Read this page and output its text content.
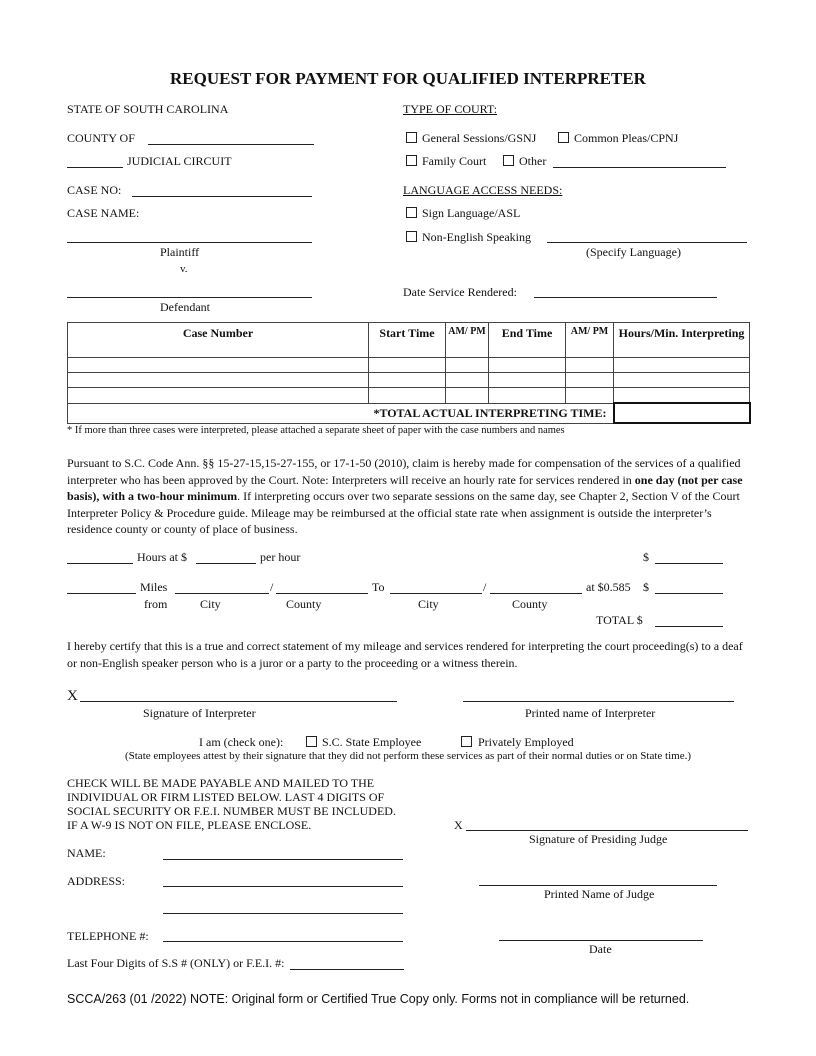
REQUEST FOR PAYMENT FOR QUALIFIED INTERPRETER
STATE OF SOUTH CAROLINA
COUNTY OF
JUDICIAL CIRCUIT
CASE NO:
CASE NAME:
Plaintiff
v.
Defendant
TYPE OF COURT:
General Sessions/GSNJ	Common Pleas/CPNJ
Family Court	Other
LANGUAGE ACCESS NEEDS:
Sign Language/ASL
Non-English Speaking
(Specify Language)
Date Service Rendered:
Case Number	Start Time	AM/ PM	End Time	AM/ PM	Hours/Min. Interpreting

*TOTAL ACTUAL INTERPRETING TIME:					
* If more than three cases were interpreted, please attached a separate sheet of paper with the case numbers and names
Pursuant to S.C. Code Ann. §§ 15-27-15,15-27-155, or 17-1-50 (2010), claim is hereby made for compensation of the services of a qualified interpreter who has been approved by the Court. Note: Interpreters will receive an hourly rate for services rendered in one day (not per case basis), with a two-hour minimum. If interpreting occurs over two separate sessions on the same day, see Chapter 2, Section V of the Court Interpreter Policy & Procedure guide. Mileage may be reimbursed at the official state rate when assignment is outside the interpreter’s residence county or county of place of business.
Hours at $	per hour	$
Miles	/	To	/	at $0.585 $
from	City	County	City	County
TOTAL $
I hereby certify that this is a true and correct statement of my mileage and services rendered for interpreting the court proceeding(s) to a deaf or non-English speaker person who is a juror or a party to the proceeding or a witness therein.
X
Signature of Interpreter	Printed name of Interpreter
I am (check one):	S.C. State Employee	Privately Employed
(State employees attest by their signature that they did not perform these services as part of their normal duties or on State time.)
CHECK WILL BE MADE PAYABLE AND MAILED TO THE
INDIVIDUAL OR FIRM LISTED BELOW. LAST 4 DIGITS OF
SOCIAL SECURITY OR F.E.I. NUMBER MUST BE INCLUDED.
IF A W-9 IS NOT ON FILE, PLEASE ENCLOSE.
NAME:
ADDRESS:
TELEPHONE #:
Last Four Digits of S.S # (ONLY) or F.E.I. #:
X
Signature of Presiding Judge
Printed Name of Judge
Date
SCCA/263 (01 /2022) NOTE: Original form or Certified True Copy only. Forms not in compliance will be returned.
